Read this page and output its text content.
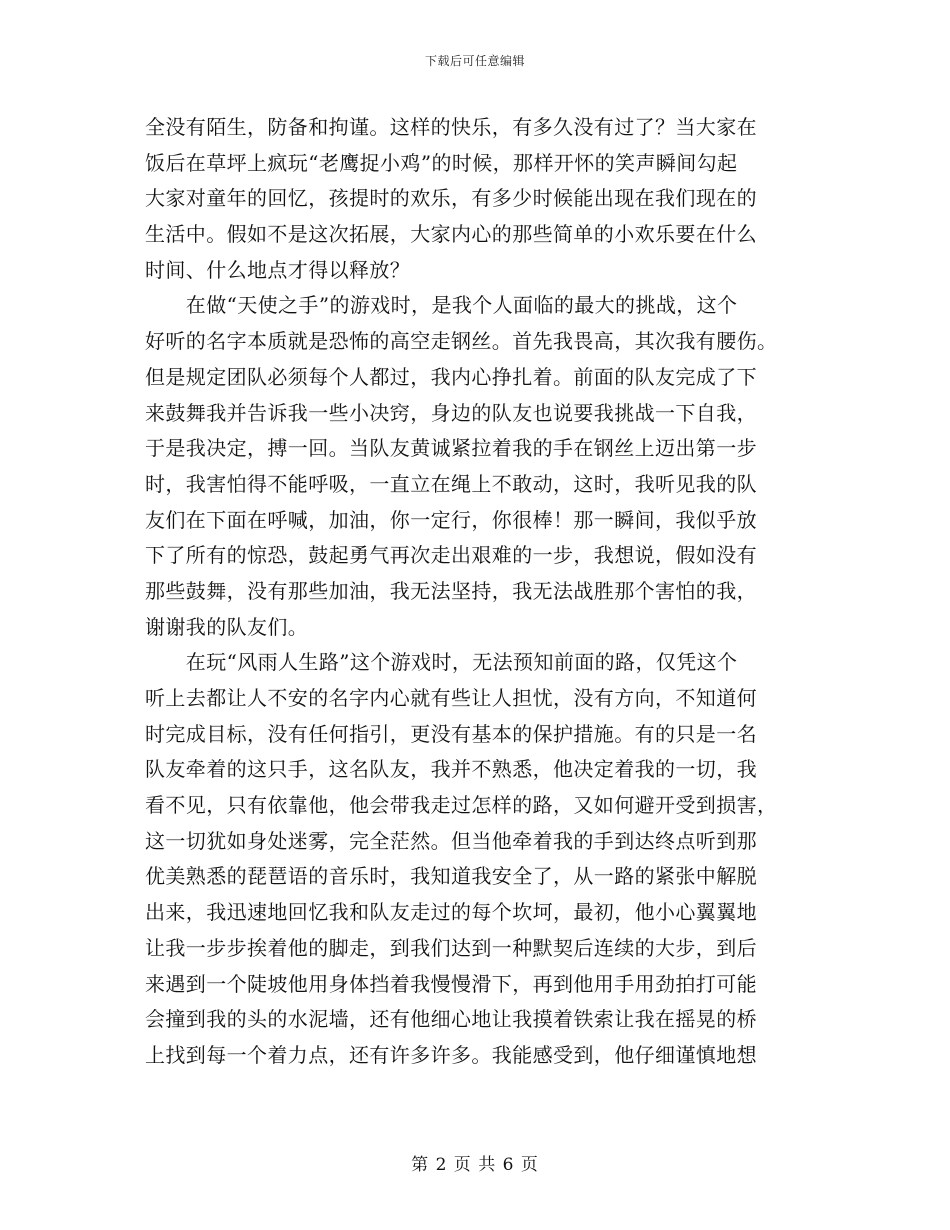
下载后可任意编辑
全没有陌生，防备和拘谨。这样的快乐，有多久没有过了？当大家在
饭后在草坪上疯玩“老鹰捉小鸡”的时候，那样开怀的笑声瞬间勾起
大家对童年的回忆，孩提时的欢乐，有多少时候能出现在我们现在的
生活中。假如不是这次拓展，大家内心的那些简单的小欢乐要在什么
时间、什么地点才得以释放？
　　在做“天使之手”的游戏时，是我个人面临的最大的挑战，这个
好听的名字本质就是恐怖的高空走钢丝。首先我畏高，其次我有腰伤。
但是规定团队必须每个人都过，我内心挣扎着。前面的队友完成了下
来鼓舞我并告诉我一些小决窍，身边的队友也说要我挑战一下自我，
于是我决定，搏一回。当队友黄诚紧拉着我的手在钢丝上迈出第一步
时，我害怕得不能呼吸，一直立在绳上不敢动，这时，我听见我的队
友们在下面在呼喊，加油，你一定行，你很棒！那一瞬间，我似乎放
下了所有的惊恐，鼓起勇气再次走出艰难的一步，我想说，假如没有
那些鼓舞，没有那些加油，我无法坚持，我无法战胜那个害怕的我，
谢谢我的队友们。
　　在玩“风雨人生路”这个游戏时，无法预知前面的路，仅凭这个
听上去都让人不安的名字内心就有些让人担忧，没有方向，不知道何
时完成目标，没有任何指引，更没有基本的保护措施。有的只是一名
队友牵着的这只手，这名队友，我并不熟悉，他决定着我的一切，我
看不见，只有依靠他，他会带我走过怎样的路，又如何避开受到损害，
这一切犹如身处迷雾，完全茫然。但当他牵着我的手到达终点听到那
优美熟悉的琵琶语的音乐时，我知道我安全了，从一路的紧张中解脱
出来，我迅速地回忆我和队友走过的每个坎坷，最初，他小心翼翼地
让我一步步挨着他的脚走，到我们达到一种默契后连续的大步，到后
来遇到一个陡坡他用身体挡着我慢慢滑下，再到他用手用劲拍打可能
会撞到我的头的水泥墙，还有他细心地让我摸着铁索让我在摇晃的桥
上找到每一个着力点，还有许多许多。我能感受到，他仔细谨慎地想
第 2 页 共 6 页
